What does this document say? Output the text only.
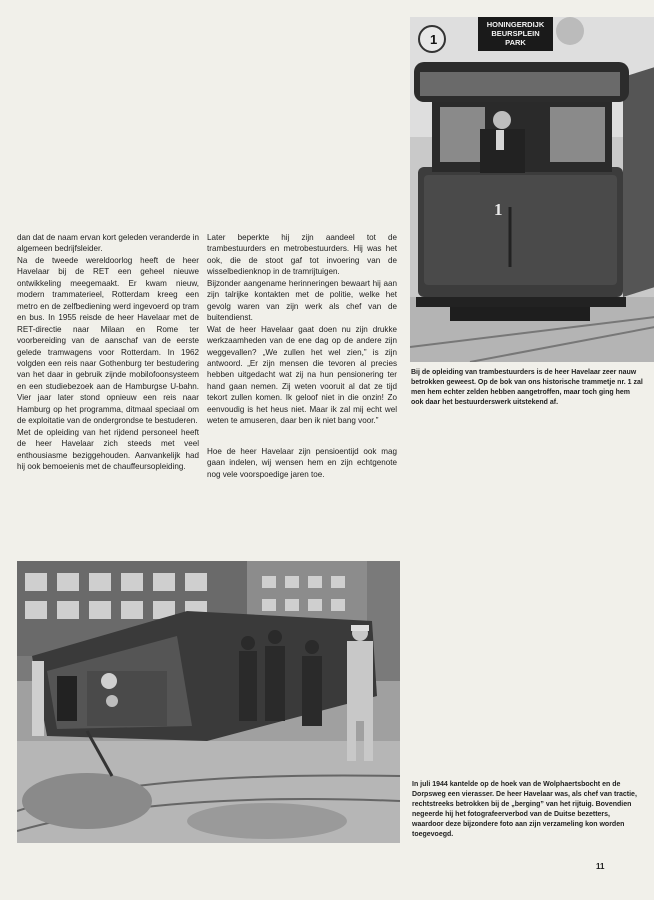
dan dat de naam ervan kort geleden veranderde in algemeen bedrijfsleider.

Na de tweede wereldoorlog heeft de heer Havelaar bij de RET een geheel nieuwe ontwikkeling meegemaakt. Er kwam nieuw, modern trammaterieel, Rotterdam kreeg een metro en de zelfbediening werd ingevoerd op tram en bus. In 1955 reisde de heer Havelaar met de RET-directie naar Milaan en Rome ter voorbereiding van de aanschaf van de eerste gelede tramwagens voor Rotterdam. In 1962 volgden een reis naar Gothenburg ter bestudering van het daar in gebruik zijnde mobilofoonsysteem en een studiebezoek aan de Hamburgse U-bahn. Vier jaar later stond opnieuw een reis naar Hamburg op het programma, ditmaal speciaal om de exploitatie van de ondergrondse te bestuderen.

Met de opleiding van het rijdend personeel heeft de heer Havelaar zich steeds met veel enthousiasme beziggehouden. Aanvankelijk had hij ook bemoeienis met de chauffeursopleiding.

Later beperkte hij zijn aandeel tot de trambestuurders en metrobestuurders. Hij was het ook, die de stoot gaf tot invoering van de wisselbedienknop in de tramrijtuigen.

Bijzonder aangename herinneringen bewaart hij aan zijn talrijke kontakten met de politie, welke het gevolg waren van zijn werk als chef van de buitendienst.

Wat de heer Havelaar gaat doen nu zijn drukke werkzaamheden van de ene dag op de andere zijn weggevallen? „We zullen het wel zien,” is zijn antwoord. „Er zijn mensen die tevoren al precies hebben uitgedacht wat zij na hun pensionering ter hand gaan nemen. Zij weten vooruit al dat ze tijd tekort zullen komen. Ik geloof niet in die onzin! Zo eenvoudig is het heus niet. Maar ik zal mij echt wel weten te amuseren, daar ben ik niet bang voor.”

Hoe de heer Havelaar zijn pensioentijd ook mag gaan indelen, wij wensen hem en zijn echtgenote nog vele voorspoedige jaren toe.

1
HONINGERDIJK
BEURSPLEIN
PARK
1
Bij de opleiding van trambestuurders is de heer Havelaar zeer nauw betrokken geweest. Op de bok van ons historische trammetje nr. 1 zal men hem echter zelden hebben aangetroffen, maar toch ging hem ook daar het bestuurderswerk uitstekend af.
In juli 1944 kantelde op de hoek van de Wolphaertsbocht en de Dorpsweg een vierasser. De heer Havelaar was, als chef van tractie, rechtstreeks betrokken bij de „berging” van het rijtuig. Bovendien negeerde hij het fotografeerverbod van de Duitse bezetters, waardoor deze bijzondere foto aan zijn verzameling kon worden toegevoegd.
11
